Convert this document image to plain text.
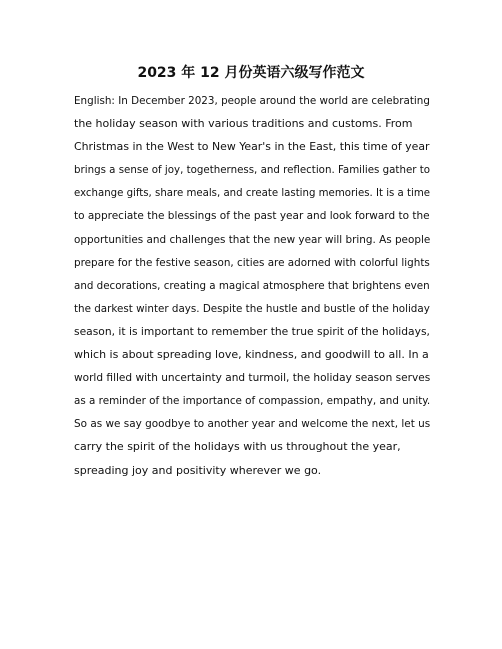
2023 年 12 月份英语六级写作范文

English: In December 2023, people around the world are celebrating
the holiday season with various traditions and customs. From
Christmas in the West to New Year's in the East, this time of year
brings a sense of joy, togetherness, and reflection. Families gather to
exchange gifts, share meals, and create lasting memories. It is a time
to appreciate the blessings of the past year and look forward to the
opportunities and challenges that the new year will bring. As people
prepare for the festive season, cities are adorned with colorful lights
and decorations, creating a magical atmosphere that brightens even
the darkest winter days. Despite the hustle and bustle of the holiday
season, it is important to remember the true spirit of the holidays,
which is about spreading love, kindness, and goodwill to all. In a
world filled with uncertainty and turmoil, the holiday season serves
as a reminder of the importance of compassion, empathy, and unity.
So as we say goodbye to another year and welcome the next, let us
carry the spirit of the holidays with us throughout the year,
spreading joy and positivity wherever we go.
